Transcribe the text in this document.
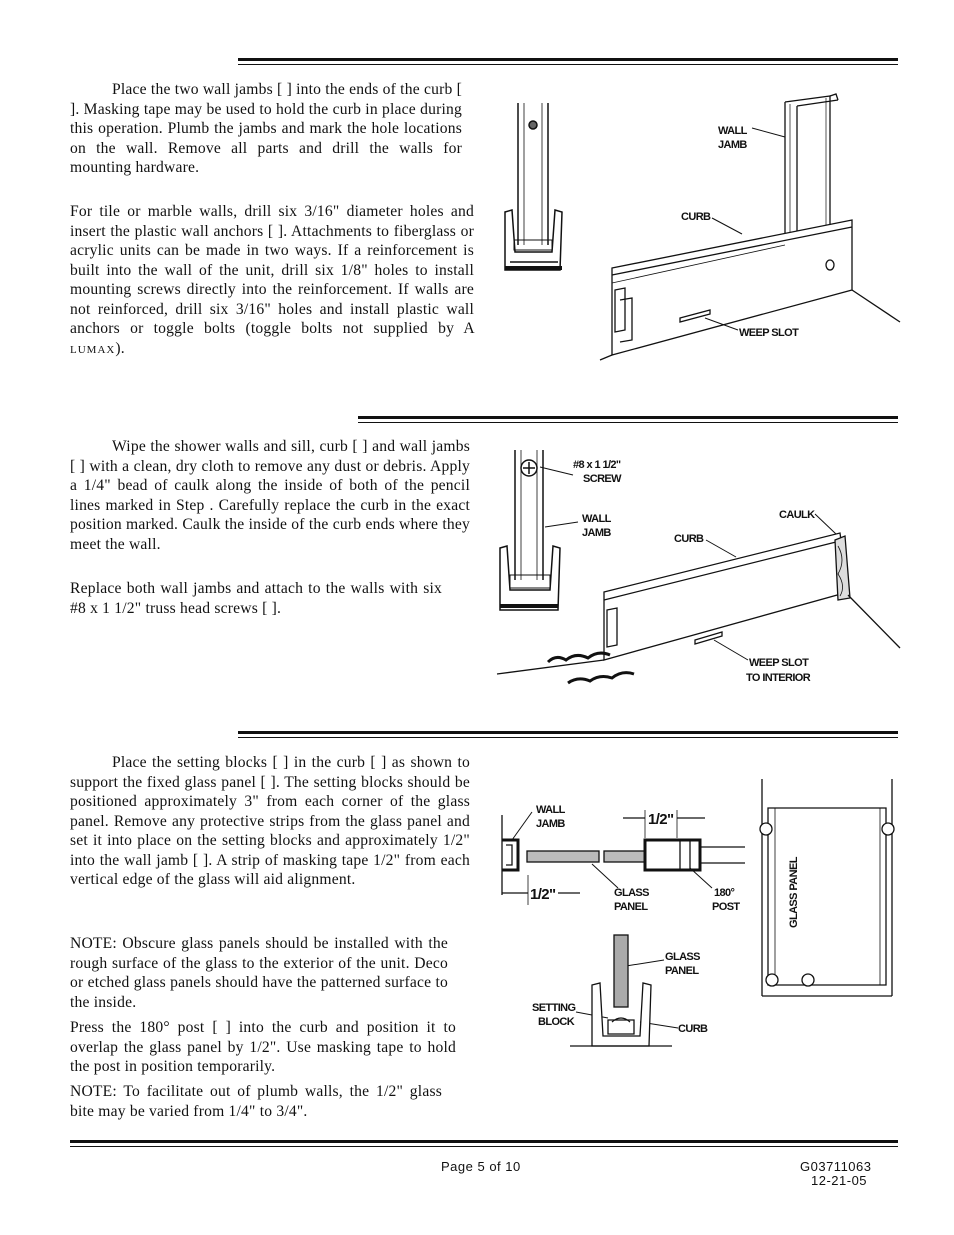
Place the two wall jambs [ ] into the ends of the curb [ ]. Masking tape may be used to hold the curb in place during this operation. Plumb the jambs and mark the hole locations on the wall. Remove all parts and drill the walls for mounting hardware.

For tile or marble walls, drill six 3/16" diameter holes and insert the plastic wall anchors [ ]. Attachments to fiberglass or acrylic units can be made in two ways. If a reinforcement is built into the wall of the unit, drill six 1/8" holes to install mounting screws directly into the reinforcement. If walls are not reinforced, drill six 3/16" holes and install plastic wall anchors or toggle bolts (toggle bolts not supplied by A LUMAX).

WALL
JAMB
CURB
WEEP SLOT

Wipe the shower walls and sill, curb [ ] and wall jambs [ ] with a clean, dry cloth to remove any dust or debris. Apply a 1/4" bead of caulk along the inside of both of the pencil lines marked in Step . Carefully replace the curb in the exact position marked. Caulk the inside of the curb ends where they meet the wall.

Replace both wall jambs and attach to the walls with six #8 x 1 1/2" truss head screws [ ].

#8 x 1 1/2"
SCREW
WALL
JAMB	CURB
CAULK
WEEP SLOT
TO INTERIOR

Place the setting blocks [ ] in the curb [ ] as shown to support the fixed glass panel [ ]. The setting blocks should be positioned approximately 3" from each corner of the glass panel. Remove any protective strips from the glass panel and set it into place on the setting blocks and approximately 1/2" into the wall jamb [ ]. A strip of masking tape 1/2" from each vertical edge of the glass will aid alignment.

NOTE: Obscure glass panels should be installed with the rough surface of the glass to the exterior of the unit. Deco or etched glass panels should have the patterned surface to the inside.

Press the 180° post [ ] into the curb and position it to overlap the glass panel by 1/2". Use masking tape to hold the post in position temporarily.

NOTE: To facilitate out of plumb walls, the 1/2" glass bite may be varied from 1/4" to 3/4".

WALL
JAMB	1/2"
1/2"	GLASS
PANEL
180°
POST
GLASS
PANEL
SETTING
BLOCK
CURB
GLASS PANEL
Page 5 of 10	G03711063
12-21-05
